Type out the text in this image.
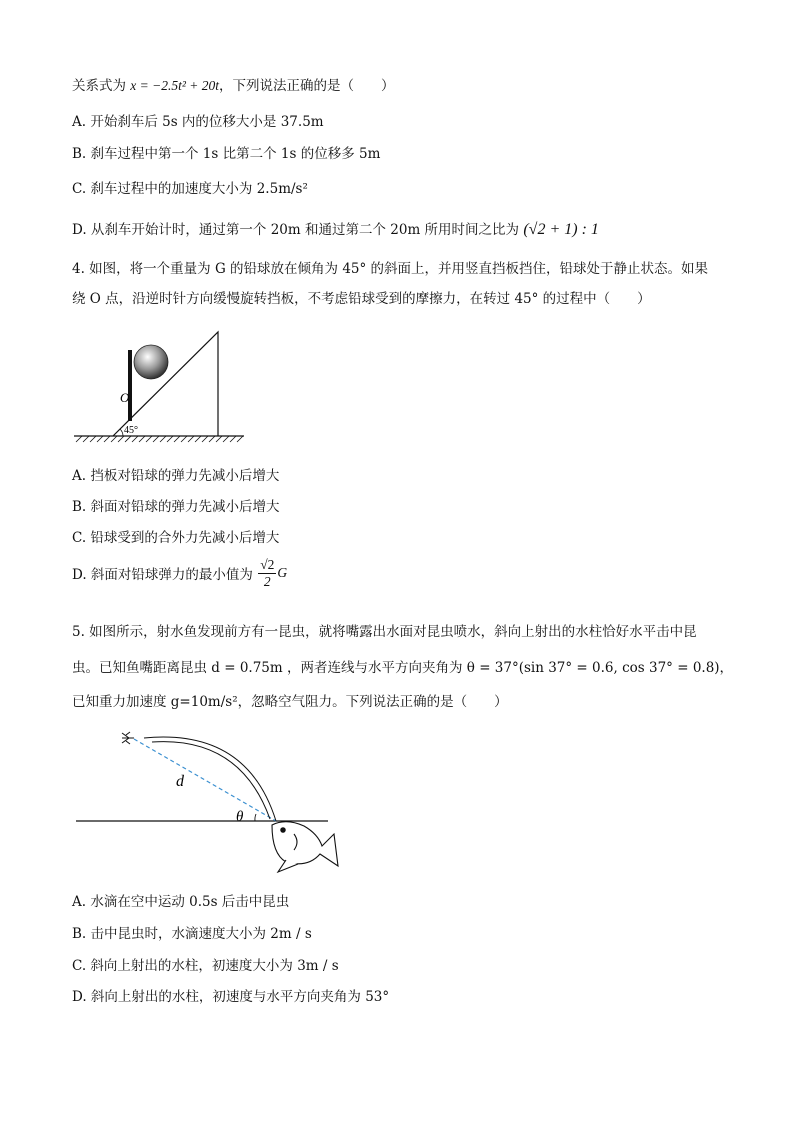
关系式为 x = −2.5t² + 20t，下列说法正确的是（　　）
A. 开始刹车后 5s 内的位移大小是 37.5m
B. 刹车过程中第一个 1s 比第二个 1s 的位移多 5m
C. 刹车过程中的加速度大小为 2.5m/s²
D. 从刹车开始计时，通过第一个 20m 和通过第二个 20m 所用时间之比为 (√2 + 1) : 1
4. 如图，将一个重量为 G 的铅球放在倾角为 45° 的斜面上，并用竖直挡板挡住，铅球处于静止状态。如果
绕 O 点，沿逆时针方向缓慢旋转挡板，不考虑铅球受到的摩擦力，在转过 45° 的过程中（　　）
O
45°
A. 挡板对铅球的弹力先减小后增大
B. 斜面对铅球的弹力先减小后增大
C. 铅球受到的合外力先减小后增大
D. 斜面对铅球弹力的最小值为 $\frac{√2}{2}$ G
5. 如图所示，射水鱼发现前方有一昆虫，就将嘴露出水面对昆虫喷水，斜向上射出的水柱恰好水平击中昆
虫。已知鱼嘴距离昆虫 d = 0.75m ，两者连线与水平方向夹角为 θ = 37°(sin 37° = 0.6, cos 37° = 0.8)，
已知重力加速度 g=10m/s²，忽略空气阻力。下列说法正确的是（　　）
d
θ
A. 水滴在空中运动 0.5s 后击中昆虫
B. 击中昆虫时，水滴速度大小为 2m / s
C. 斜向上射出的水柱，初速度大小为 3m / s
D. 斜向上射出的水柱，初速度与水平方向夹角为 53°
